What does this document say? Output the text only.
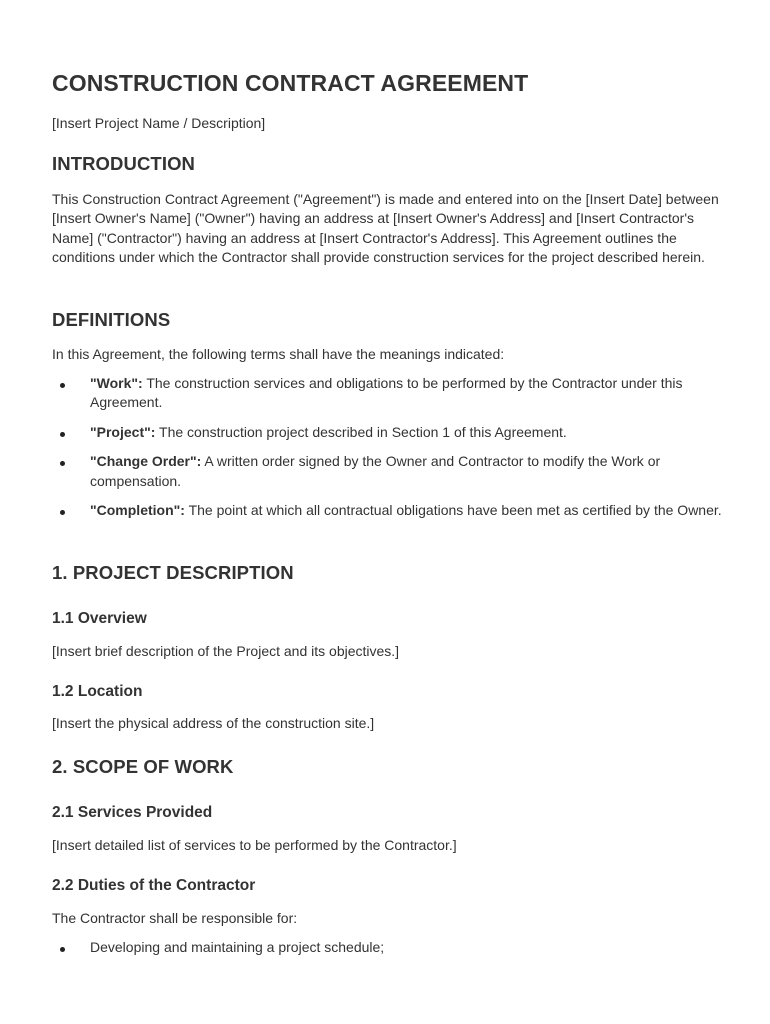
CONSTRUCTION CONTRACT AGREEMENT

[Insert Project Name / Description]

INTRODUCTION

This Construction Contract Agreement ("Agreement") is made and entered into on the [Insert Date] between [Insert Owner's Name] ("Owner") having an address at [Insert Owner's Address] and [Insert Contractor's Name] ("Contractor") having an address at [Insert Contractor's Address]. This Agreement outlines the conditions under which the Contractor shall provide construction services for the project described herein.

DEFINITIONS

In this Agreement, the following terms shall have the meanings indicated:

"Work": The construction services and obligations to be performed by the Contractor under this Agreement.
"Project": The construction project described in Section 1 of this Agreement.
"Change Order": A written order signed by the Owner and Contractor to modify the Work or compensation.
"Completion": The point at which all contractual obligations have been met as certified by the Owner.
1. PROJECT DESCRIPTION
1.1 Overview

[Insert brief description of the Project and its objectives.]

1.2 Location

[Insert the physical address of the construction site.]

2. SCOPE OF WORK
2.1 Services Provided

[Insert detailed list of services to be performed by the Contractor.]

2.2 Duties of the Contractor

The Contractor shall be responsible for:

Developing and maintaining a project schedule;
